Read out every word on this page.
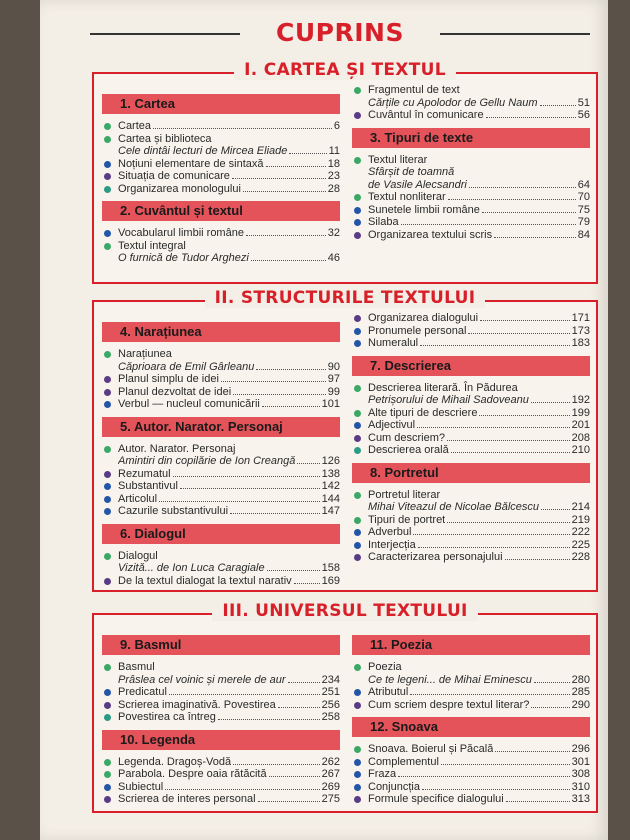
CUPRINS
I. CARTEA ȘI TEXTUL
1. Cartea
Cartea	6
Cartea și biblioteca
Cele dintâi lecturi de Mircea Eliade	11
Noțiuni elementare de sintaxă	18
Situația de comunicare	23
Organizarea monologului	28
2. Cuvântul și textul
Vocabularul limbii române	32
Textul integral
O furnică de Tudor Arghezi	46
Fragmentul de text
Cărțile cu Apolodor de Gellu Naum	51
Cuvântul în comunicare	56
3. Tipuri de texte
Textul literar
Sfârșit de toamnă
de Vasile Alecsandri	64
Textul nonliterar	70
Sunetele limbii române	75
Silaba	79
Organizarea textului scris	84
II. STRUCTURILE TEXTULUI
4. Narațiunea
Narațiunea
Căprioara de Emil Gârleanu	90
Planul simplu de idei	97
Planul dezvoltat de idei	99
Verbul — nucleul comunicării	101
5. Autor. Narator. Personaj
Autor. Narator. Personaj
Amintiri din copilărie de Ion Creangă 126
Rezumatul	138
Substantivul	142
Articolul	144
Cazurile substantivului	147
6. Dialogul
Dialogul
Vizită... de Ion Luca Caragiale	158
De la textul dialogat la textul narativ	169
Organizarea dialogului	171
Pronumele personal	173
Numeralul	183
7. Descrierea
Descrierea literară. În Pădurea
Petrișorului de Mihail Sadoveanu	192
Alte tipuri de descriere	199
Adjectivul	201
Cum descriem?	208
Descrierea orală	210
8. Portretul
Portretul literar
Mihai Viteazul de Nicolae Bălcescu	214
Tipuri de portret	219
Adverbul	222
Interjecția	225
Caracterizarea personajului	228
III. UNIVERSUL TEXTULUI
9. Basmul
Basmul
Prâslea cel voinic și merele de aur	234
Predicatul	251
Scrierea imaginativă. Povestirea	256
Povestirea ca întreg	258
10. Legenda
Legenda. Dragoș-Vodă	262
Parabola. Despre oaia rătăcită	267
Subiectul	269
Scrierea de interes personal	275
11. Poezia
Poezia
Ce te legeni... de Mihai Eminescu	280
Atributul	285
Cum scriem despre textul literar?	290
12. Snoava
Snoava. Boierul și Păcală	296
Complementul	301
Fraza	308
Conjuncția	310
Formule specifice dialogului	313
